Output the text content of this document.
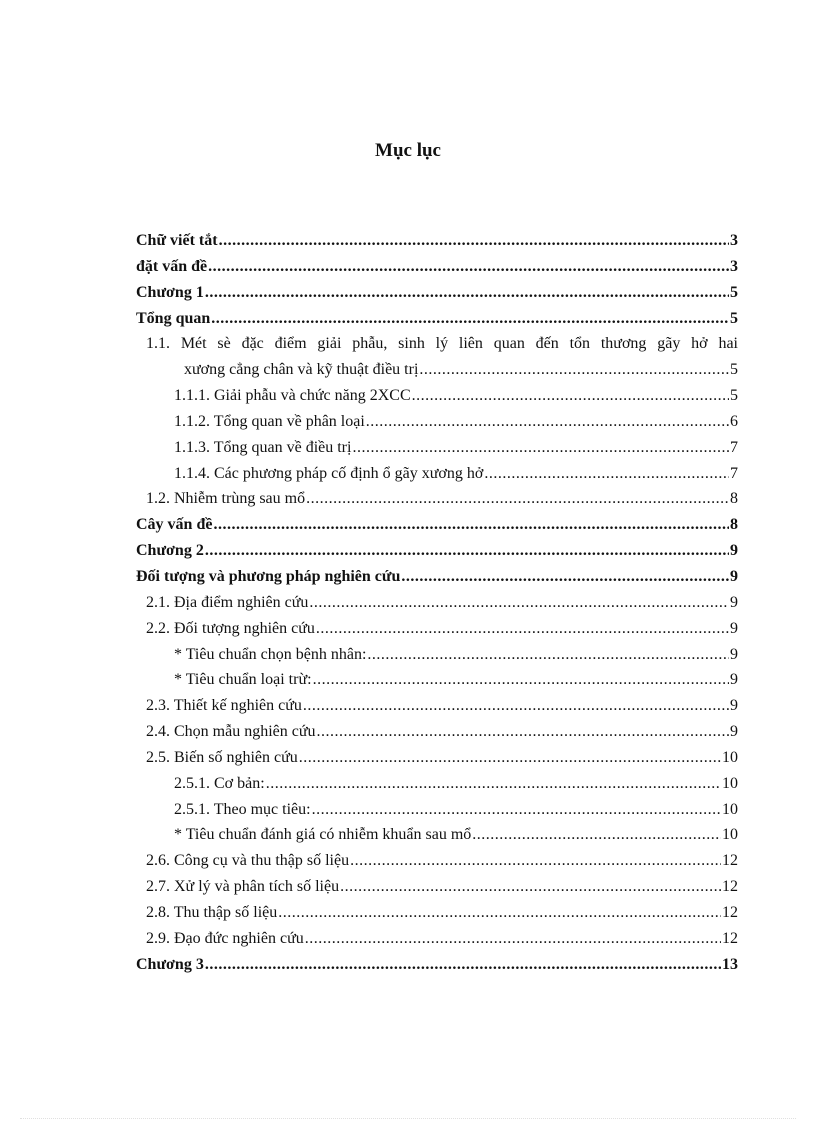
Mục lục
Chữ viết tắt .....	3
đặt vấn đề .....	3
Chương 1 .....	5
Tổng quan .....	5
1.1. Mét sè đặc điểm giải phẫu, sinh lý liên quan đến tổn thương gãy hở hai
xương cẳng chân và kỹ thuật điều trị .....	5
1.1.1. Giải phẫu và chức năng 2XCC .....	5
1.1.2. Tổng quan về phân loại .....	6
1.1.3. Tổng quan về điều trị .....	7
1.1.4. Các phương pháp cố định ổ gãy xương hở .....	7
1.2. Nhiễm trùng sau mổ .....	8
Cây vấn đề .....	8
Chương 2 .....	9
Đối tượng và phương pháp nghiên cứu .....	9
2.1. Địa điểm nghiên cứu .....	9
2.2. Đối tượng nghiên cứu .....	9
* Tiêu chuẩn chọn bệnh nhân: .....	9
* Tiêu chuẩn loại trừ: .....	9
2.3. Thiết kế nghiên cứu .....	9
2.4. Chọn mẫu nghiên cứu .....	9
2.5. Biến số nghiên cứu .....	10
2.5.1. Cơ bản: .....	10
2.5.1. Theo mục tiêu: .....	10
* Tiêu chuẩn đánh giá có nhiễm khuẩn sau mổ .....	10
2.6. Công cụ và thu thập số liệu .....	12
2.7. Xử lý và phân tích số liệu .....	12
2.8. Thu thập số liệu .....	12
2.9. Đạo đức nghiên cứu .....	12
Chương 3 .....	13
